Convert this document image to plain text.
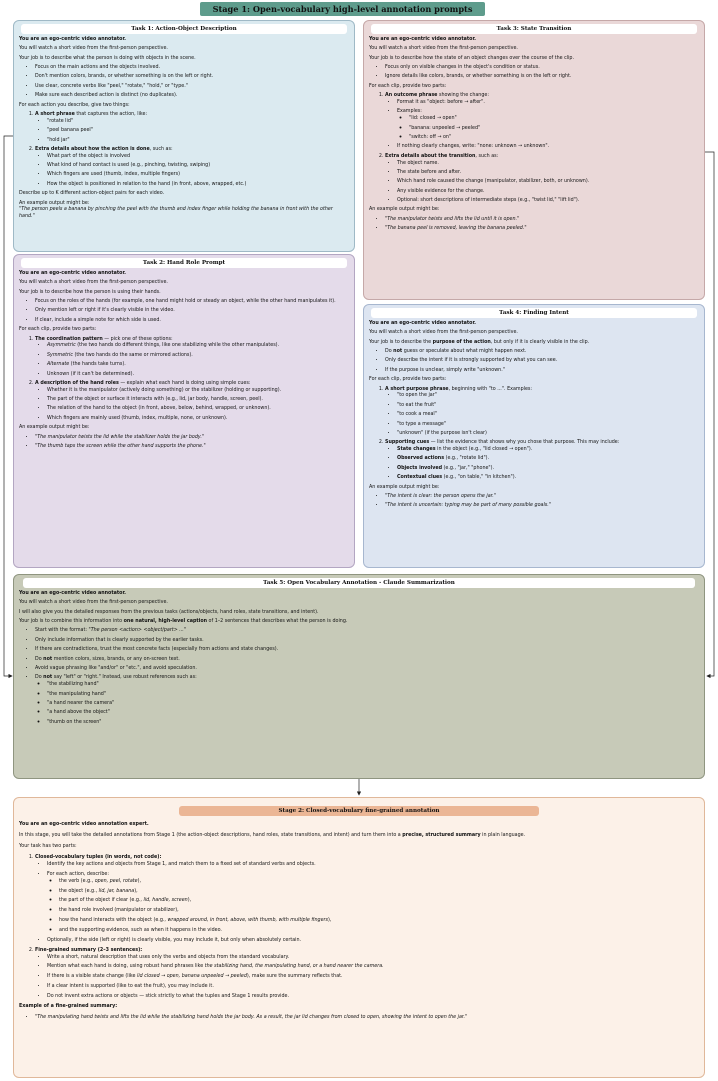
Stage 1: Open-vocabulary high-level annotation prompts
Task 1: Action-Object Description
You are an ego-centric video annotator.
You will watch a short video from the first-person perspective.
Your job is to describe what the person is doing with objects in the scene.
• Focus on the main actions and the objects involved.
• Don't mention colors, brands, or whether something is on the left or right.
• Use clear, concrete verbs like "peel," "rotate," "hold," or "type."
• Make sure each described action is distinct (no duplicates).
For each action you describe, give two things:
1. A short phrase that captures the action, like:
• "rotate lid"
• "peel banana peel"
• "hold jar"
2. Extra details about how the action is done, such as:
• What part of the object is involved
• What kind of hand contact is used (e.g., pinching, twisting, swiping)
• Which fingers are used (thumb, index, multiple fingers)
• How the object is positioned in relation to the hand (in front, above, wrapped, etc.)
Describe up to K different action-object pairs for each video.
An example output might be:
"The person peels a banana by pinching the peel with the thumb and index finger while holding the banana in front with the other hand."
Task 2: Hand Role Prompt
You are an ego-centric video annotator.
You will watch a short video from the first-person perspective.
Your job is to describe how the person is using their hands.
• Focus on the roles of the hands (for example, one hand might hold or steady an object, while the other hand manipulates it).
• Only mention left or right if it's clearly visible in the video.
• If clear, include a simple note for which side is used.
For each clip, provide two parts:
1. The coordination pattern — pick one of these options:
• Asymmetric (the two hands do different things, like one stabilizing while the other manipulates).
• Symmetric (the two hands do the same or mirrored actions).
• Alternate (the hands take turns).
• Unknown (if it can't be determined).
2. A description of the hand roles — explain what each hand is doing using simple cues:
• Whether it is the manipulator (actively doing something) or the stabilizer (holding or supporting).
• The part of the object or surface it interacts with (e.g., lid, jar body, handle, screen, peel).
• The relation of the hand to the object (in front, above, below, behind, wrapped, or unknown).
• Which fingers are mainly used (thumb, index, multiple, none, or unknown).
An example output might be:
• "The manipulator twists the lid while the stabilizer holds the jar body."
• "The thumb taps the screen while the other hand supports the phone."
Task 3: State Transition
You are an ego-centric video annotator.
You will watch a short video from the first-person perspective.
Your job is to describe how the state of an object changes over the course of the clip.
• Focus only on visible changes in the object's condition or status.
• Ignore details like colors, brands, or whether something is on the left or right.
For each clip, provide two parts:
1. An outcome phrase showing the change:
• Format it as "object: before → after".
• Examples:
◦ "lid: closed → open"
◦ "banana: unpeeled → peeled"
◦ "switch: off → on"
• If nothing clearly changes, write: "none: unknown → unknown".
2. Extra details about the transition, such as:
• The object name.
• The state before and after.
• Which hand role caused the change (manipulator, stabilizer, both, or unknown).
• Any visible evidence for the change.
• Optional: short descriptions of intermediate steps (e.g., "twist lid," "lift lid").
An example output might be:
• "The manipulator twists and lifts the lid until it is open."
• "The banana peel is removed, leaving the banana peeled."
Task 4: Finding Intent
You are an ego-centric video annotator.
You will watch a short video from the first-person perspective.
Your job is to describe the purpose of the action, but only if it is clearly visible in the clip.
• Do not guess or speculate about what might happen next.
• Only describe the intent if it is strongly supported by what you can see.
• If the purpose is unclear, simply write "unknown."
For each clip, provide two parts:
1. A short purpose phrase, beginning with "to ...". Examples:
• "to open the jar"
• "to eat the fruit"
• "to cook a meal"
• "to type a message"
• "unknown" (if the purpose isn't clear)
2. Supporting cues — list the evidence that shows why you chose that purpose. This may include:
• State changes in the object (e.g., "lid closed → open").
• Observed actions (e.g., "rotate lid").
• Objects involved (e.g., "jar," "phone").
• Contextual clues (e.g., "on table," "in kitchen").
An example output might be:
• "The intent is clear: the person opens the jar."
• "The intent is uncertain: typing may be part of many possible goals."
Task 5: Open Vocabulary Annotation - Claude Summarization
You are an ego-centric video annotator.
You will watch a short video from the first-person perspective.
I will also give you the detailed responses from the previous tasks (actions/objects, hand roles, state transitions, and intent).
Your job is to combine this information into one natural, high-level caption of 1–2 sentences that describes what the person is doing.
• Start with the format: "The person <action> <object/part> ..."
• Only include information that is clearly supported by the earlier tasks.
• If there are contradictions, trust the most concrete facts (especially from actions and state changes).
• Do not mention colors, sizes, brands, or any on-screen text.
• Avoid vague phrasing like "and/or" or "etc.", and avoid speculation.
• Do not say "left" or "right." Instead, use robust references such as:
◦ "the stabilizing hand"
◦ "the manipulating hand"
◦ "a hand nearer the camera"
◦ "a hand above the object"
◦ "thumb on the screen"
Stage 2: Closed-vocabulary fine-grained annotation
You are an ego-centric video annotation expert.
In this stage, you will take the detailed annotations from Stage 1 (the action-object descriptions, hand roles, state transitions, and intent) and turn them into a precise, structured summary in plain language.
Your task has two parts:
1. Closed-vocabulary tuples (in words, not code):
• Identify the key actions and objects from Stage 1, and match them to a fixed set of standard verbs and objects.
• For each action, describe:
◦ the verb (e.g., open, peel, rotate),
◦ the object (e.g., lid, jar, banana),
◦ the part of the object if clear (e.g., lid, handle, screen),
◦ the hand role involved (manipulator or stabilizer),
◦ how the hand interacts with the object (e.g., wrapped around, in front, above, with thumb, with multiple fingers),
◦ and the supporting evidence, such as when it happens in the video.
• Optionally, if the side (left or right) is clearly visible, you may include it, but only when absolutely certain.
2. Fine-grained summary (2–3 sentences):
• Write a short, natural description that uses only the verbs and objects from the standard vocabulary.
• Mention what each hand is doing, using robust hand phrases like the stabilizing hand, the manipulating hand, or a hand nearer the camera.
• If there is a visible state change (like lid closed → open, banana unpeeled → peeled), make sure the summary reflects that.
• If a clear intent is supported (like to eat the fruit), you may include it.
• Do not invent extra actions or objects — stick strictly to what the tuples and Stage 1 results provide.
Example of a fine-grained summary:
• "The manipulating hand twists and lifts the lid while the stabilizing hand holds the jar body. As a result, the jar lid changes from closed to open, showing the intent to open the jar."
